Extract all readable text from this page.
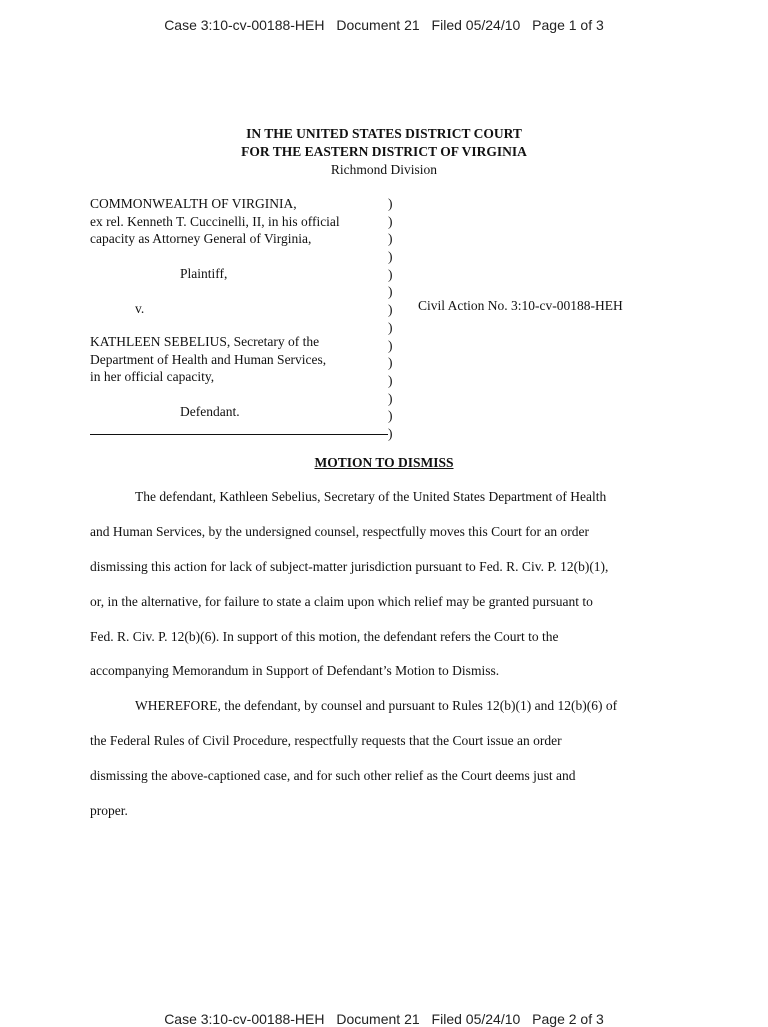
Case 3:10-cv-00188-HEH Document 21 Filed 05/24/10 Page 1 of 3
IN THE UNITED STATES DISTRICT COURT
FOR THE EASTERN DISTRICT OF VIRGINIA
Richmond Division
COMMONWEALTH OF VIRGINIA,
ex rel. Kenneth T. Cuccinelli, II, in his official
capacity as Attorney General of Virginia,
Plaintiff,
v.
KATHLEEN SEBELIUS, Secretary of the
Department of Health and Human Services,
in her official capacity,
Defendant.
)
)
)
)
)
)
)
)
)
)
)
)
)
)
Civil Action No. 3:10-cv-00188-HEH
MOTION TO DISMISS
The defendant, Kathleen Sebelius, Secretary of the United States Department of Health
and Human Services, by the undersigned counsel, respectfully moves this Court for an order
dismissing this action for lack of subject-matter jurisdiction pursuant to Fed. R. Civ. P. 12(b)(1),
or, in the alternative, for failure to state a claim upon which relief may be granted pursuant to
Fed. R. Civ. P. 12(b)(6). In support of this motion, the defendant refers the Court to the
accompanying Memorandum in Support of Defendant’s Motion to Dismiss.
WHEREFORE, the defendant, by counsel and pursuant to Rules 12(b)(1) and 12(b)(6) of
the Federal Rules of Civil Procedure, respectfully requests that the Court issue an order
dismissing the above-captioned case, and for such other relief as the Court deems just and
proper.
Case 3:10-cv-00188-HEH Document 21 Filed 05/24/10 Page 2 of 3
